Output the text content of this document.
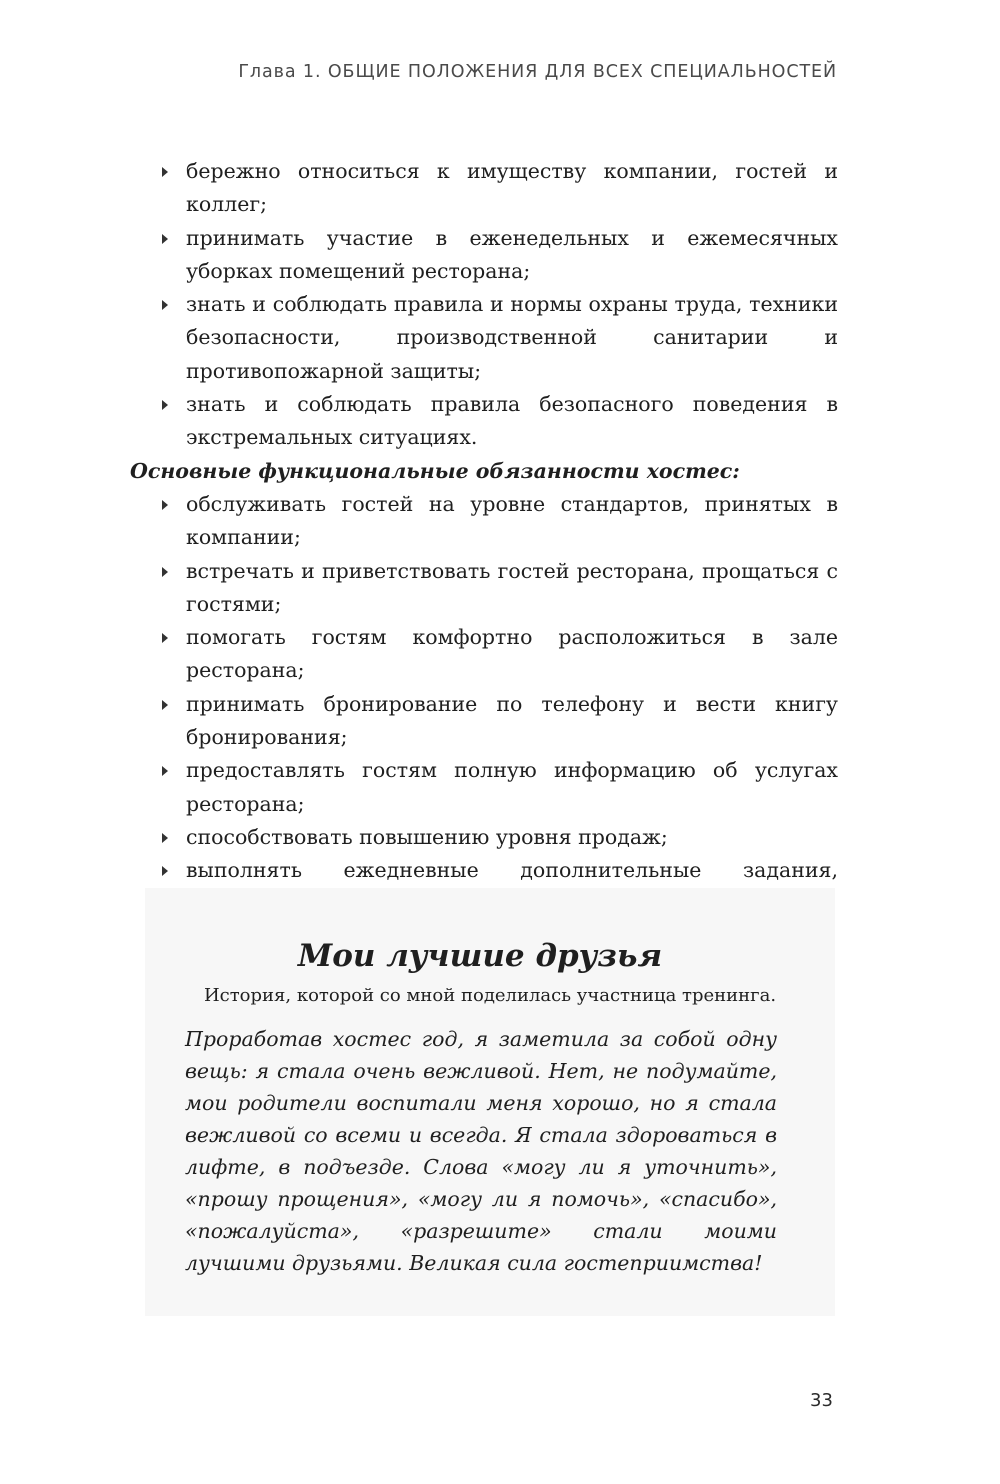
Глава 1. ОБЩИЕ ПОЛОЖЕНИЯ ДЛЯ ВСЕХ СПЕЦИАЛЬНОСТЕЙ
бережно относиться к имуществу компании, гостей и коллег;
принимать участие в еженедельных и ежемесячных уборках помещений ресторана;
знать и соблюдать правила и нормы охраны труда, техники безопасности, производственной санитарии и противопожарной защиты;
знать и соблюдать правила безопасного поведения в экстремальных ситуациях.
Основные функциональные обязанности хостес:
обслуживать гостей на уровне стандартов, принятых в компании;
встречать и приветствовать гостей ресторана, прощаться с гостями;
помогать гостям комфортно расположиться в зале ресторана;
принимать бронирование по телефону и вести книгу бронирования;
предоставлять гостям полную информацию об услугах ресторана;
способствовать повышению уровня продаж;
выполнять ежедневные дополнительные задания,
Мои лучшие друзья
История, которой со мной поделилась участница тренинга.

Проработав хостес год, я заметила за собой одну вещь: я стала очень вежливой. Нет, не подумайте, мои родители воспитали меня хорошо, но я стала вежливой со всеми и всегда. Я стала здороваться в лифте, в подъезде. Слова «могу ли я уточнить», «прошу прощения», «могу ли я помочь», «спасибо», «пожалуйста», «разрешите» стали моими лучшими друзьями. Великая сила гостеприимства!

33
